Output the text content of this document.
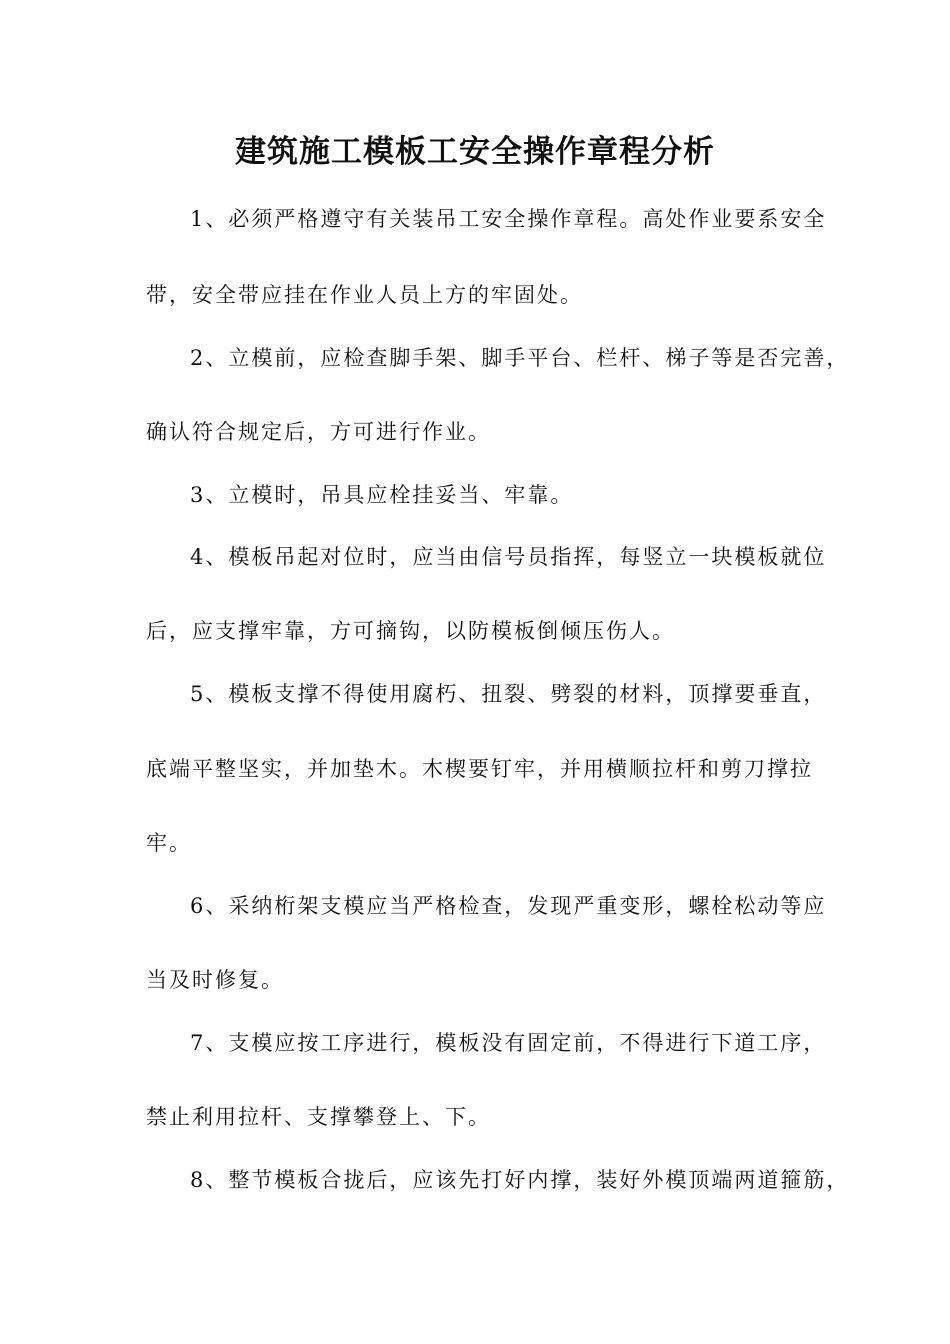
建筑施工模板工安全操作章程分析
1、必须严格遵守有关装吊工安全操作章程。高处作业要系安全
带，安全带应挂在作业人员上方的牢固处。
2、立模前，应检查脚手架、脚手平台、栏杆、梯子等是否完善，
确认符合规定后，方可进行作业。
3、立模时，吊具应栓挂妥当、牢靠。
4、模板吊起对位时，应当由信号员指挥，每竖立一块模板就位
后，应支撑牢靠，方可摘钩，以防模板倒倾压伤人。
5、模板支撑不得使用腐朽、扭裂、劈裂的材料，顶撑要垂直，
底端平整坚实，并加垫木。木楔要钉牢，并用横顺拉杆和剪刀撑拉
牢。
6、采纳桁架支模应当严格检查，发现严重变形，螺栓松动等应
当及时修复。
7、支模应按工序进行，模板没有固定前，不得进行下道工序，
禁止利用拉杆、支撑攀登上、下。
8、整节模板合拢后，应该先打好内撑，装好外模顶端两道箍筋，
